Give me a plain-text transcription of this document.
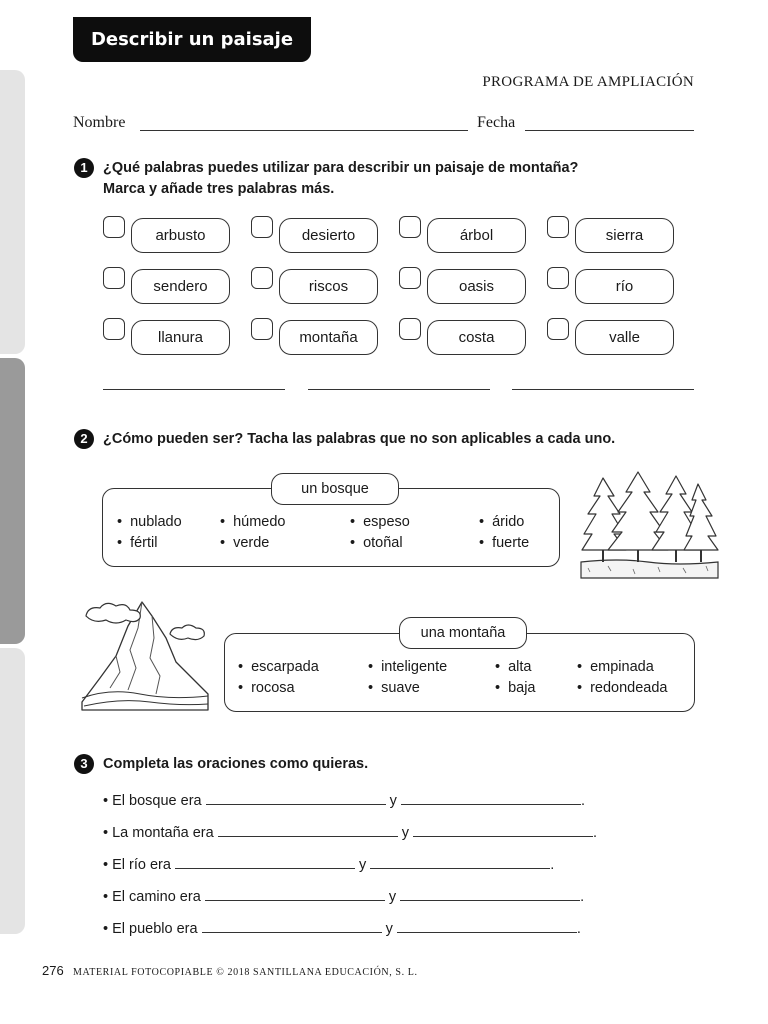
Describir un paisaje
PROGRAMA DE AMPLIACIÓN
Nombre	Fecha
1	¿Qué palabras puedes utilizar para describir un paisaje de montaña?
Marca y añade tres palabras más.
arbusto	desierto	árbol	sierra
sendero	riscos	oasis	río
llanura	montaña	costa	valle
2	¿Cómo pueden ser? Tacha las palabras que no son aplicables a cada uno.
un bosque
• nublado
• fértil
• húmedo
• verde
• espeso
• otoñal
• árido
• fuerte
una montaña
• escarpada
• rocosa
• inteligente
• suave
• alta
• baja
• empinada
• redondeada
3	Completa las oraciones como quieras.
• El bosque era	y	.
• La montaña era	y	.
• El río era	y	.
• El camino era	y	.
• El pueblo era	y	.
276 MATERIAL FOTOCOPIABLE © 2018 SANTILLANA EDUCACIÓN, S. L.
